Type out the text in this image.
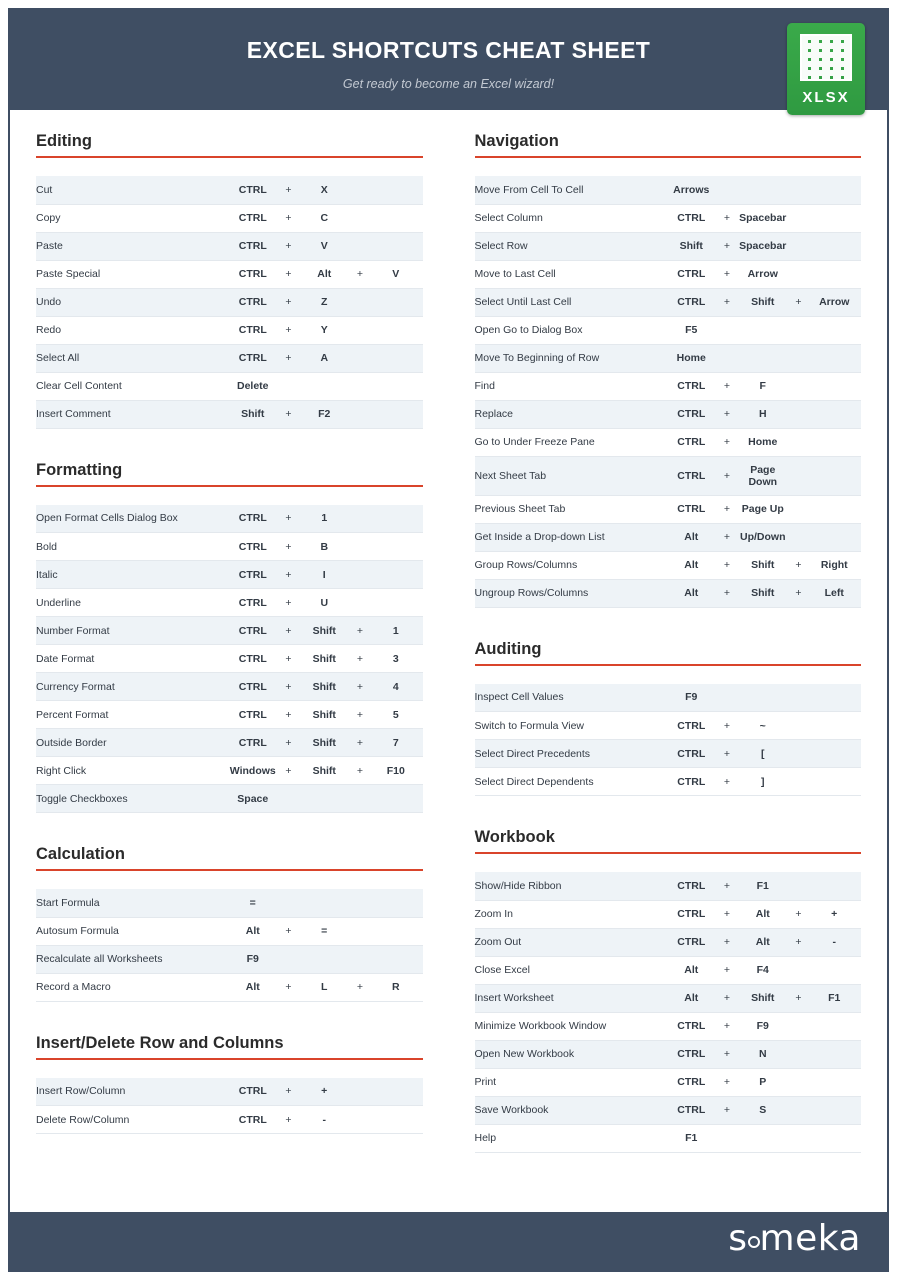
EXCEL SHORTCUTS CHEAT SHEET
Get ready to become an Excel wizard!
XLSX
Editing
Cut	CTRL	+	X		
Copy	CTRL	+	C		
Paste	CTRL	+	V		
Paste Special	CTRL	+	Alt	+	V
Undo	CTRL	+	Z		
Redo	CTRL	+	Y		
Select All	CTRL	+	A		
Clear Cell Content	Delete				
Insert Comment	Shift	+	F2		
Formatting
Open Format Cells Dialog Box	CTRL	+	1		
Bold	CTRL	+	B		
Italic	CTRL	+	I		
Underline	CTRL	+	U		
Number Format	CTRL	+	Shift	+	1
Date Format	CTRL	+	Shift	+	3
Currency Format	CTRL	+	Shift	+	4
Percent Format	CTRL	+	Shift	+	5
Outside Border	CTRL	+	Shift	+	7
Right Click	Windows	+	Shift	+	F10
Toggle Checkboxes	Space				
Calculation
Start Formula	=				
Autosum Formula	Alt	+	=		
Recalculate all Worksheets	F9				
Record a Macro	Alt	+	L	+	R
Insert/Delete Row and Columns
Insert Row/Column	CTRL	+	+		
Delete Row/Column	CTRL	+	-		
Navigation
Move From Cell To Cell	Arrows				
Select Column	CTRL	+	Spacebar		
Select Row	Shift	+	Spacebar		
Move to Last Cell	CTRL	+	Arrow		
Select Until Last Cell	CTRL	+	Shift	+	Arrow
Open Go to Dialog Box	F5				
Move To Beginning of Row	Home				
Find	CTRL	+	F		
Replace	CTRL	+	H		
Go to Under Freeze Pane	CTRL	+	Home		
Next Sheet Tab	CTRL	+	Page Down		
Previous Sheet Tab	CTRL	+	Page Up		
Get Inside a Drop-down List	Alt	+	Up/Down		
Group Rows/Columns	Alt	+	Shift	+	Right
Ungroup Rows/Columns	Alt	+	Shift	+	Left
Auditing
Inspect Cell Values	F9				
Switch to Formula View	CTRL	+	~		
Select Direct Precedents	CTRL	+	[		
Select Direct Dependents	CTRL	+	]		
Workbook
Show/Hide Ribbon	CTRL	+	F1		
Zoom In	CTRL	+	Alt	+	+
Zoom Out	CTRL	+	Alt	+	-
Close Excel	Alt	+	F4		
Insert Worksheet	Alt	+	Shift	+	F1
Minimize Workbook Window	CTRL	+	F9		
Open New Workbook	CTRL	+	N		
Print	CTRL	+	P		
Save Workbook	CTRL	+	S		
Help	F1				
s meka
